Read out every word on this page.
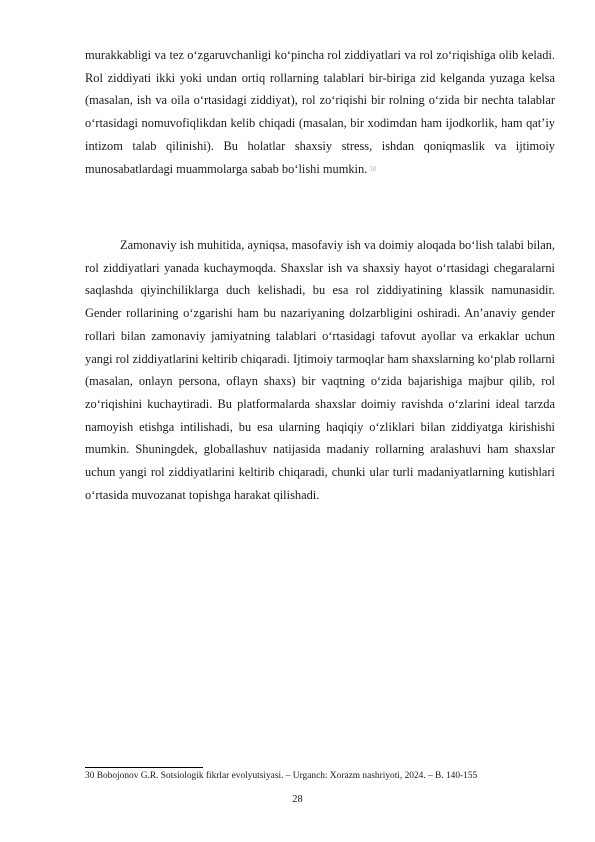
murakkabligi va tez oʻzgaruvchanligi koʻpincha rol ziddiyatlari va rol zoʻriqishiga olib keladi. Rol ziddiyati ikki yoki undan ortiq rollarning talablari bir-biriga zid kelganda yuzaga kelsa (masalan, ish va oila oʻrtasidagi ziddiyat), rol zoʻriqishi bir rolning oʻzida bir nechta talablar oʻrtasidagi nomuvofiqlikdan kelib chiqadi (masalan, bir xodimdan ham ijodkorlik, ham qatʼiy intizom talab qilinishi). Bu holatlar shaxsiy stress, ishdan qoniqmaslik va ijtimoiy munosabatlardagi muammolarga sabab boʻlishi mumkin. $^{30}$

Zamonaviy ish muhitida, ayniqsa, masofaviy ish va doimiy aloqada boʻlish talabi bilan, rol ziddiyatlari yanada kuchaymoqda. Shaxslar ish va shaxsiy hayot oʻrtasidagi chegaralarni saqlashda qiyinchiliklarga duch kelishadi, bu esa rol ziddiyatining klassik namunasidir. Gender rollarining oʻzgarishi ham bu nazariyaning dolzarbligini oshiradi. Anʼanaviy gender rollari bilan zamonaviy jamiyatning talablari oʻrtasidagi tafovut ayollar va erkaklar uchun yangi rol ziddiyatlarini keltirib chiqaradi. Ijtimoiy tarmoqlar ham shaxslarning koʻplab rollarni (masalan, onlayn persona, oflayn shaxs) bir vaqtning oʻzida bajarishiga majbur qilib, rol zoʻriqishini kuchaytiradi. Bu platformalarda shaxslar doimiy ravishda oʻzlarini ideal tarzda namoyish etishga intilishadi, bu esa ularning haqiqiy oʻzliklari bilan ziddiyatga kirishishi mumkin. Shuningdek, globallashuv natijasida madaniy rollarning aralashuvi ham shaxslar uchun yangi rol ziddiyatlarini keltirib chiqaradi, chunki ular turli madaniyatlarning kutishlari oʻrtasida muvozanat topishga harakat qilishadi.

30 Bobojonov G.R. Sotsiologik fikrlar evolyutsiyasi. – Urganch: Xorazm nashriyoti, 2024. – B. 140-155
28
